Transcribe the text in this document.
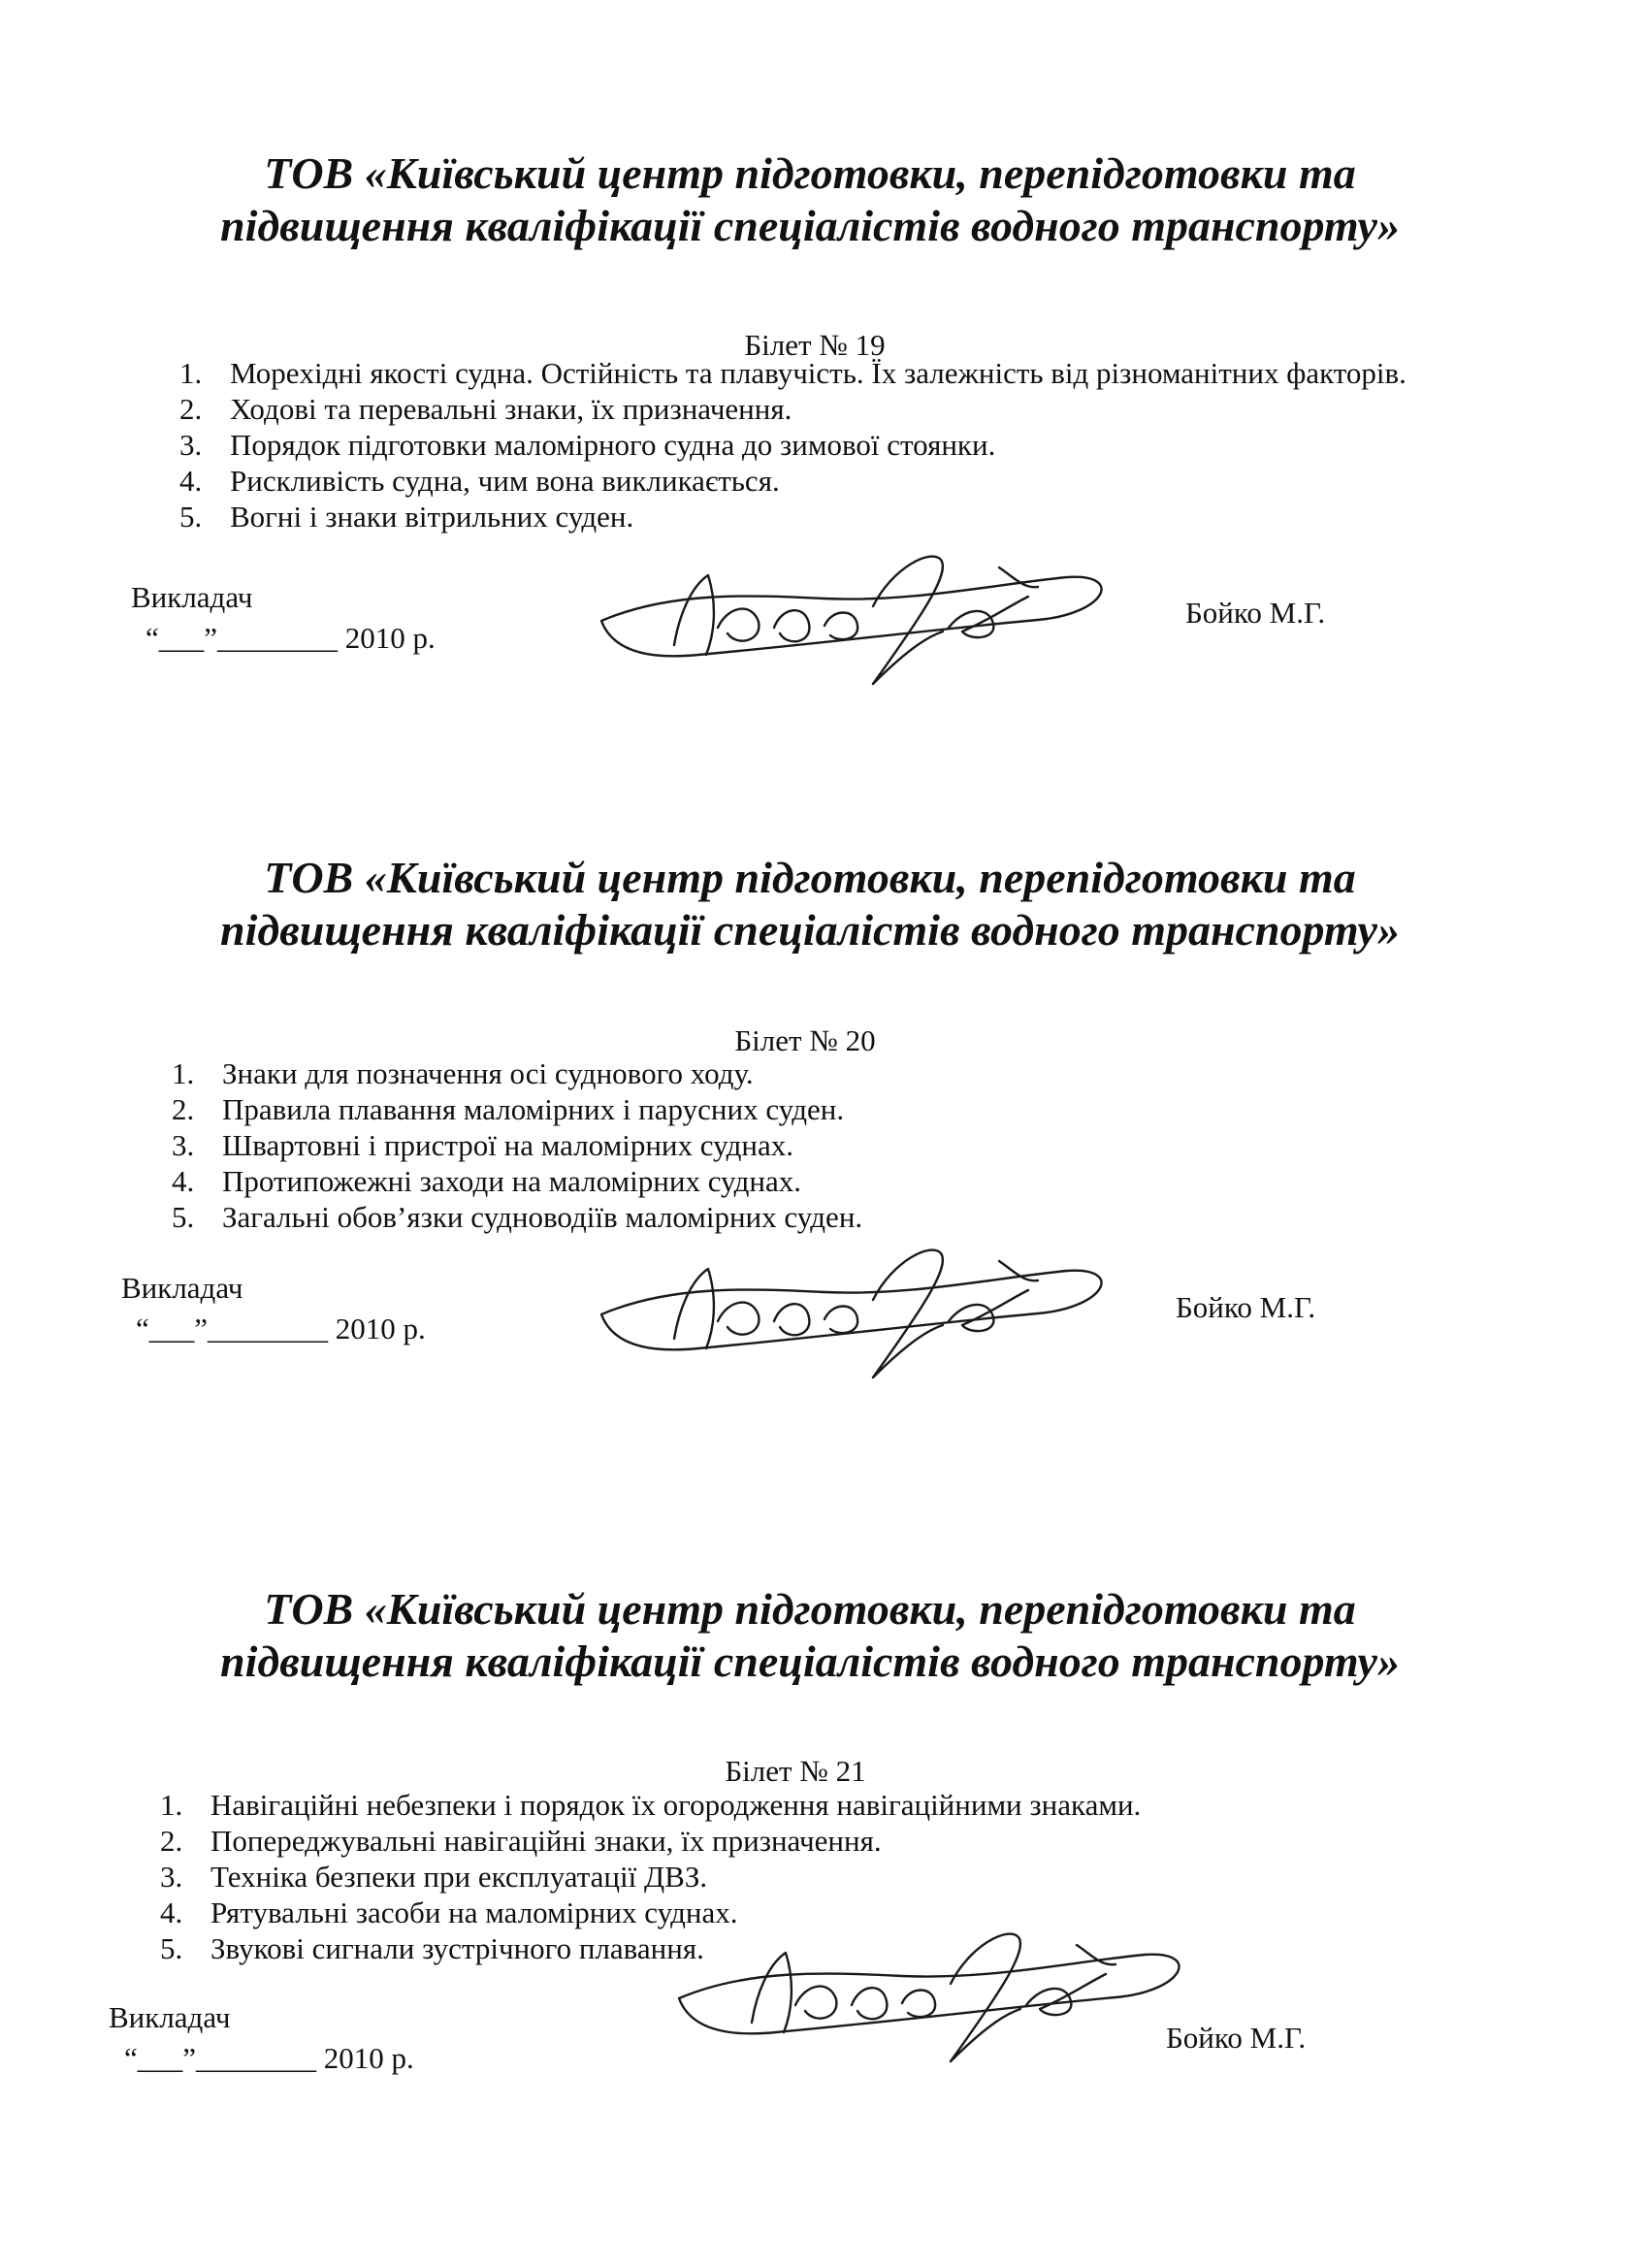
ТОВ «Київський центр підготовки, перепідготовки та
підвищення кваліфікації спеціалістів водного транспорту»
Білет № 19
1. Мореxідні якості судна. Остійність та плавучість. Їх залежність від різноманітних факторів.
2. Ходові та перевальні знаки, їх призначення.
3. Порядок підготовки маломірного судна до зимової стоянки.
4. Рискливість судна, чим вона викликається.
5. Вогні і знаки вітрильних суден.
Викладач
“___”________ 2010 р.
Бойко М.Г.
ТОВ «Київський центр підготовки, перепідготовки та
підвищення кваліфікації спеціалістів водного транспорту»
Білет № 20
1. Знаки для позначення осі суднового ходу.
2. Правила плавання маломірних і парусних суден.
3. Швартовні і пристрої на маломірних суднах.
4. Протипожежні заходи на маломірних суднах.
5. Загальні обов’язки судноводіїв маломірних суден.
Викладач
“___”________ 2010 р.
Бойко М.Г.
ТОВ «Київський центр підготовки, перепідготовки та
підвищення кваліфікації спеціалістів водного транспорту»
Білет № 21
1. Навігаційні небезпеки і порядок їх огородження навігаційними знаками.
2. Попереджувальні навігаційні знаки, їх призначення.
3. Техніка безпеки при експлуатації ДВЗ.
4. Рятувальні засоби на маломірних суднах.
5. Звукові сигнали зустрічного плавання.
Викладач
“___”________ 2010 р.
Бойко М.Г.
